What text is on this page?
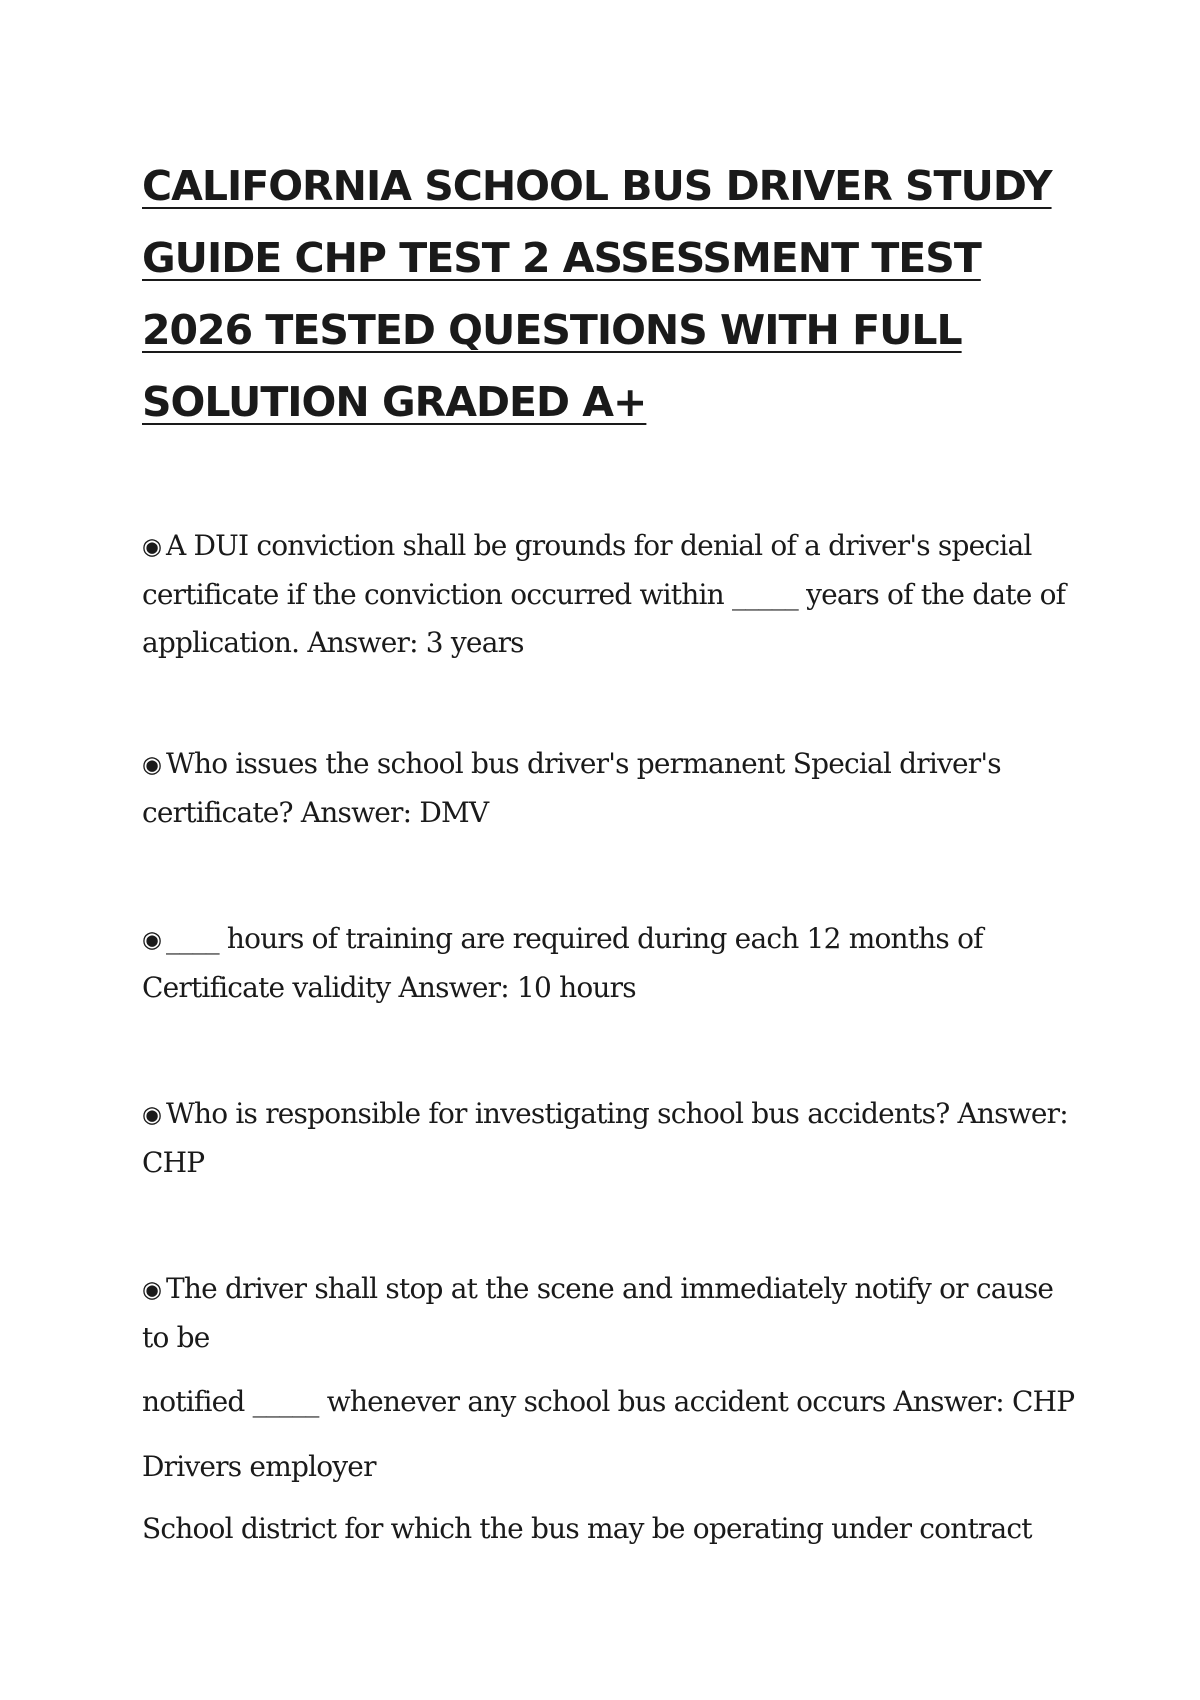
CALIFORNIA SCHOOL BUS DRIVER STUDY GUIDE CHP TEST 2 ASSESSMENT TEST 2026 TESTED QUESTIONS WITH FULL SOLUTION GRADED A+

◉ A DUI conviction shall be grounds for denial of a driver's special certificate if the conviction occurred within _____ years of the date of application. Answer: 3 years

◉ Who issues the school bus driver's permanent Special driver's certificate? Answer: DMV

◉ ____ hours of training are required during each 12 months of Certificate validity Answer: 10 hours

◉ Who is responsible for investigating school bus accidents? Answer: CHP

◉ The driver shall stop at the scene and immediately notify or cause to be

notified _____ whenever any school bus accident occurs Answer: CHP

Drivers employer

School district for which the bus may be operating under contract
